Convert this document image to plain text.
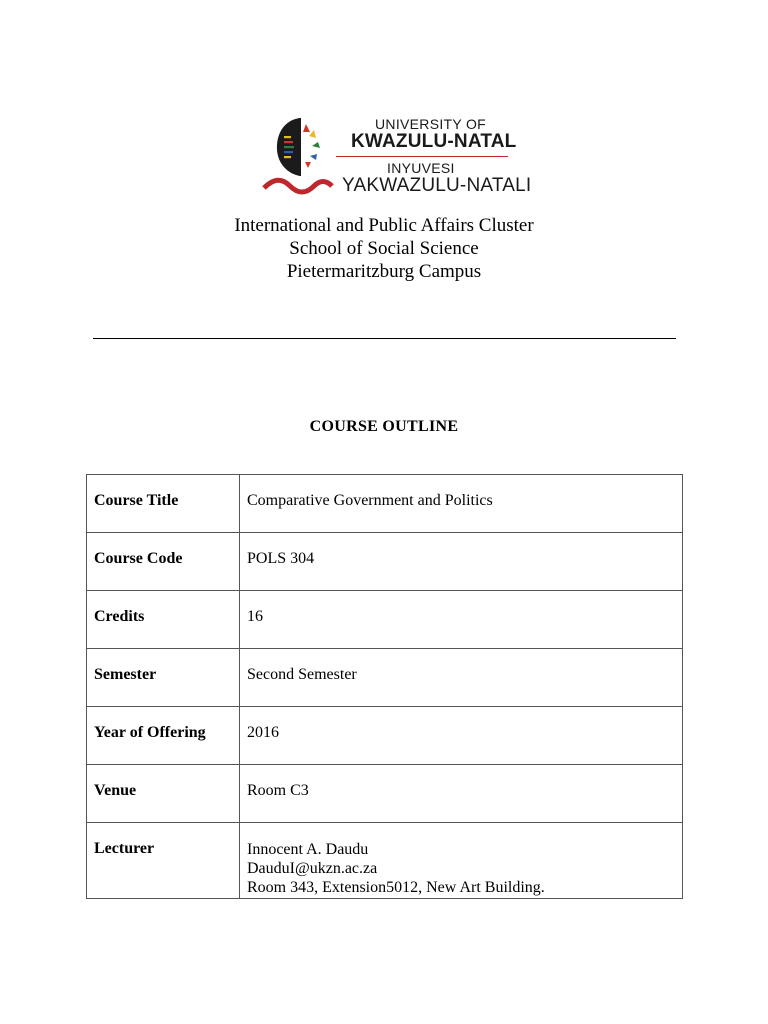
UNIVERSITY OF
KWAZULU-NATAL
INYUVESI
YAKWAZULU-NATALI
International and Public Affairs Cluster
School of Social Science
Pietermaritzburg Campus
COURSE OUTLINE
Course Title	Comparative Government and Politics
Course Code	POLS 304
Credits	16
Semester	Second Semester
Year of Offering	2016
Venue	Room C3
Lecturer	Innocent A. Daudu
DauduI@ukzn.ac.za
Room 343, Extension5012, New Art Building.
